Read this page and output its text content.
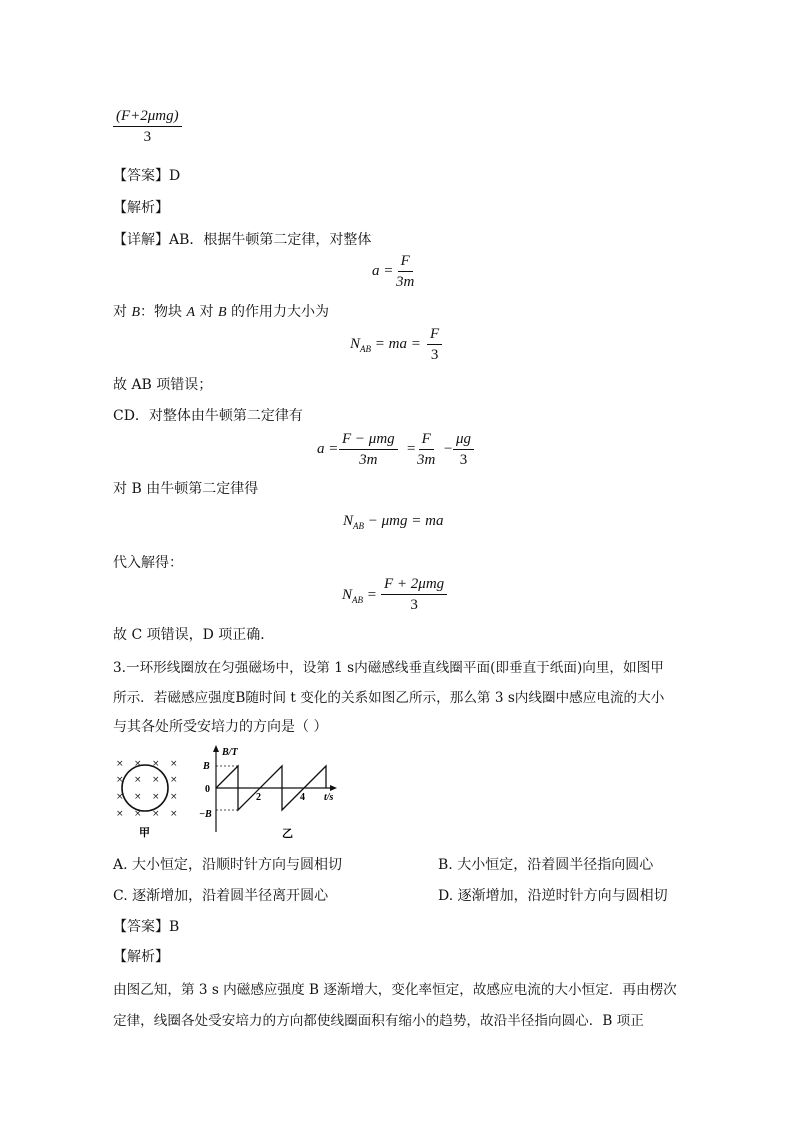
(F+2μmg)
3
【答案】D
【解析】
【详解】AB．根据牛顿第二定律，对整体
$a = \frac{F}{3m}$
对 B：物块 A 对 B 的作用力大小为
$N_{AB}$ = ma = $\frac{F}{3}$
故 AB 项错误；
CD．对整体由牛顿第二定律有
a =
F − μmg
3m
= $\frac{F}{3m} - \frac{\mu g}{3}$
对 B 由牛顿第二定律得
$N_{AB} - \mu mg$ = ma
代入解得：
$N_{AB}$ =
F + 2μmg
3
故 C 项错误，D 项正确．
3.一环形线圈放在匀强磁场中，设第 1 s内磁感线垂直线圈平面(即垂直于纸面)向里，如图甲
所示．若磁感应强度B随时间 t 变化的关系如图乙所示，那么第 3 s内线圈中感应电流的大小
与其各处所受安培力的方向是（ ）
× × × ×
× × × ×
× × × ×
× × × ×
甲
B/T
B
0
−B
2	4 t/s
乙
A. 大小恒定，沿顺时针方向与圆相切	B. 大小恒定，沿着圆半径指向圆心
C. 逐渐增加，沿着圆半径离开圆心	D. 逐渐增加，沿逆时针方向与圆相切
【答案】B
【解析】
由图乙知，第 3 s 内磁感应强度 B 逐渐增大，变化率恒定，故感应电流的大小恒定．再由楞次
定律，线圈各处受安培力的方向都使线圈面积有缩小的趋势，故沿半径指向圆心．B 项正
